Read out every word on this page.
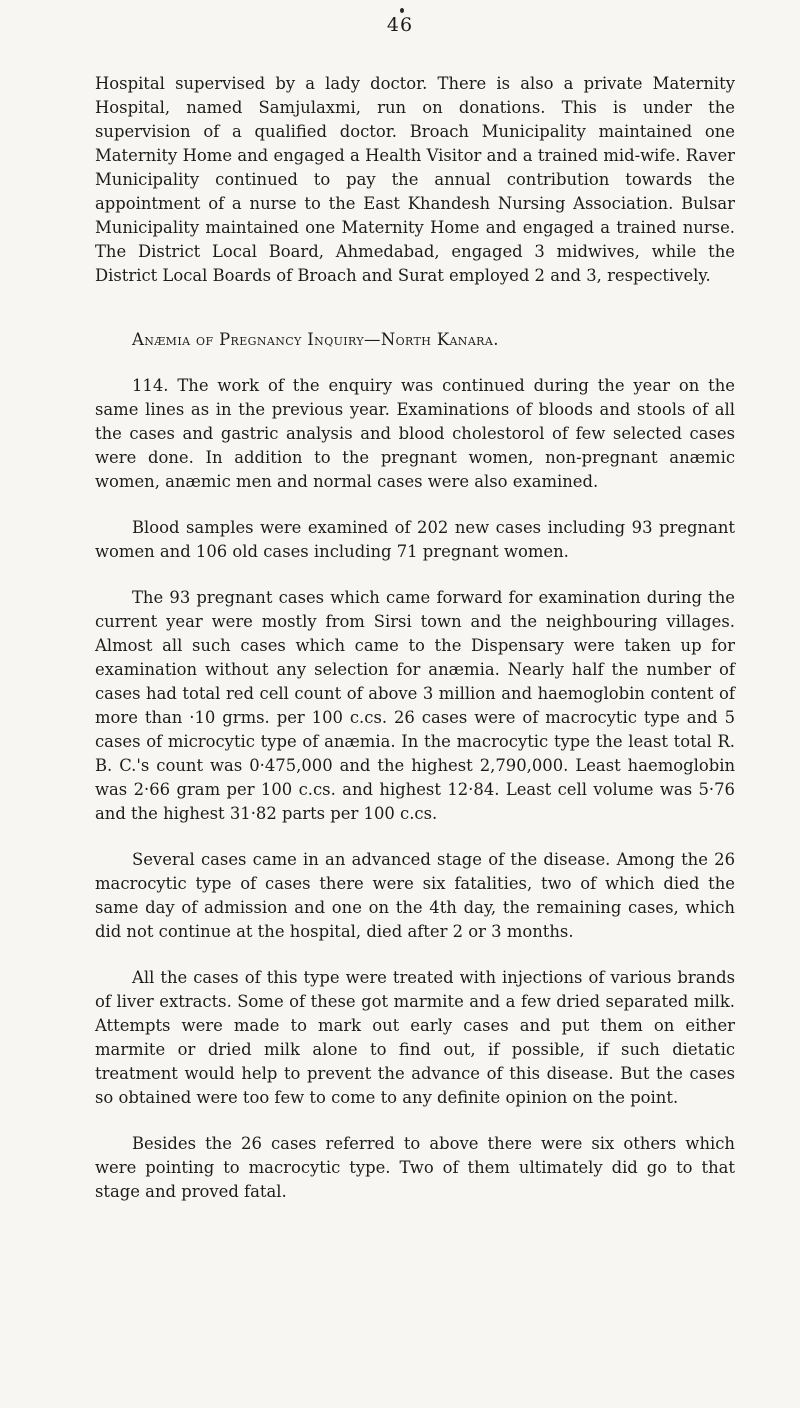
46

Hospital supervised by a lady doctor. There is also a private Maternity Hospital, named Samjulaxmi, run on donations. This is under the supervision of a qualified doctor. Broach Municipality maintained one Maternity Home and engaged a Health Visitor and a trained mid-wife. Raver Municipality continued to pay the annual contribution towards the appointment of a nurse to the East Khandesh Nursing Association. Bulsar Municipality maintained one Maternity Home and engaged a trained nurse. The District Local Board, Ahmedabad, engaged 3 midwives, while the District Local Boards of Broach and Surat employed 2 and 3, respectively.

Anæmia of Pregnancy Inquiry—North Kanara.

114. The work of the enquiry was continued during the year on the same lines as in the previous year. Examinations of bloods and stools of all the cases and gastric analysis and blood cholestorol of few selected cases were done. In addition to the pregnant women, non-pregnant anæmic women, anæmic men and normal cases were also examined.

Blood samples were examined of 202 new cases including 93 pregnant women and 106 old cases including 71 pregnant women.

The 93 pregnant cases which came forward for examination during the current year were mostly from Sirsi town and the neighbouring villages. Almost all such cases which came to the Dispensary were taken up for examination without any selection for anæmia. Nearly half the number of cases had total red cell count of above 3 million and haemoglobin content of more than ·10 grms. per 100 c.cs. 26 cases were of macrocytic type and 5 cases of microcytic type of anæmia. In the macrocytic type the least total R. B. C.'s count was 0·475,000 and the highest 2,790,000. Least haemoglobin was 2·66 gram per 100 c.cs. and highest 12·84. Least cell volume was 5·76 and the highest 31·82 parts per 100 c.cs.

Several cases came in an advanced stage of the disease. Among the 26 macrocytic type of cases there were six fatalities, two of which died the same day of admission and one on the 4th day, the remaining cases, which did not continue at the hospital, died after 2 or 3 months.

All the cases of this type were treated with injections of various brands of liver extracts. Some of these got marmite and a few dried separated milk. Attempts were made to mark out early cases and put them on either marmite or dried milk alone to find out, if possible, if such dietatic treatment would help to prevent the advance of this disease. But the cases so obtained were too few to come to any definite opinion on the point.

Besides the 26 cases referred to above there were six others which were pointing to macrocytic type. Two of them ultimately did go to that stage and proved fatal.
